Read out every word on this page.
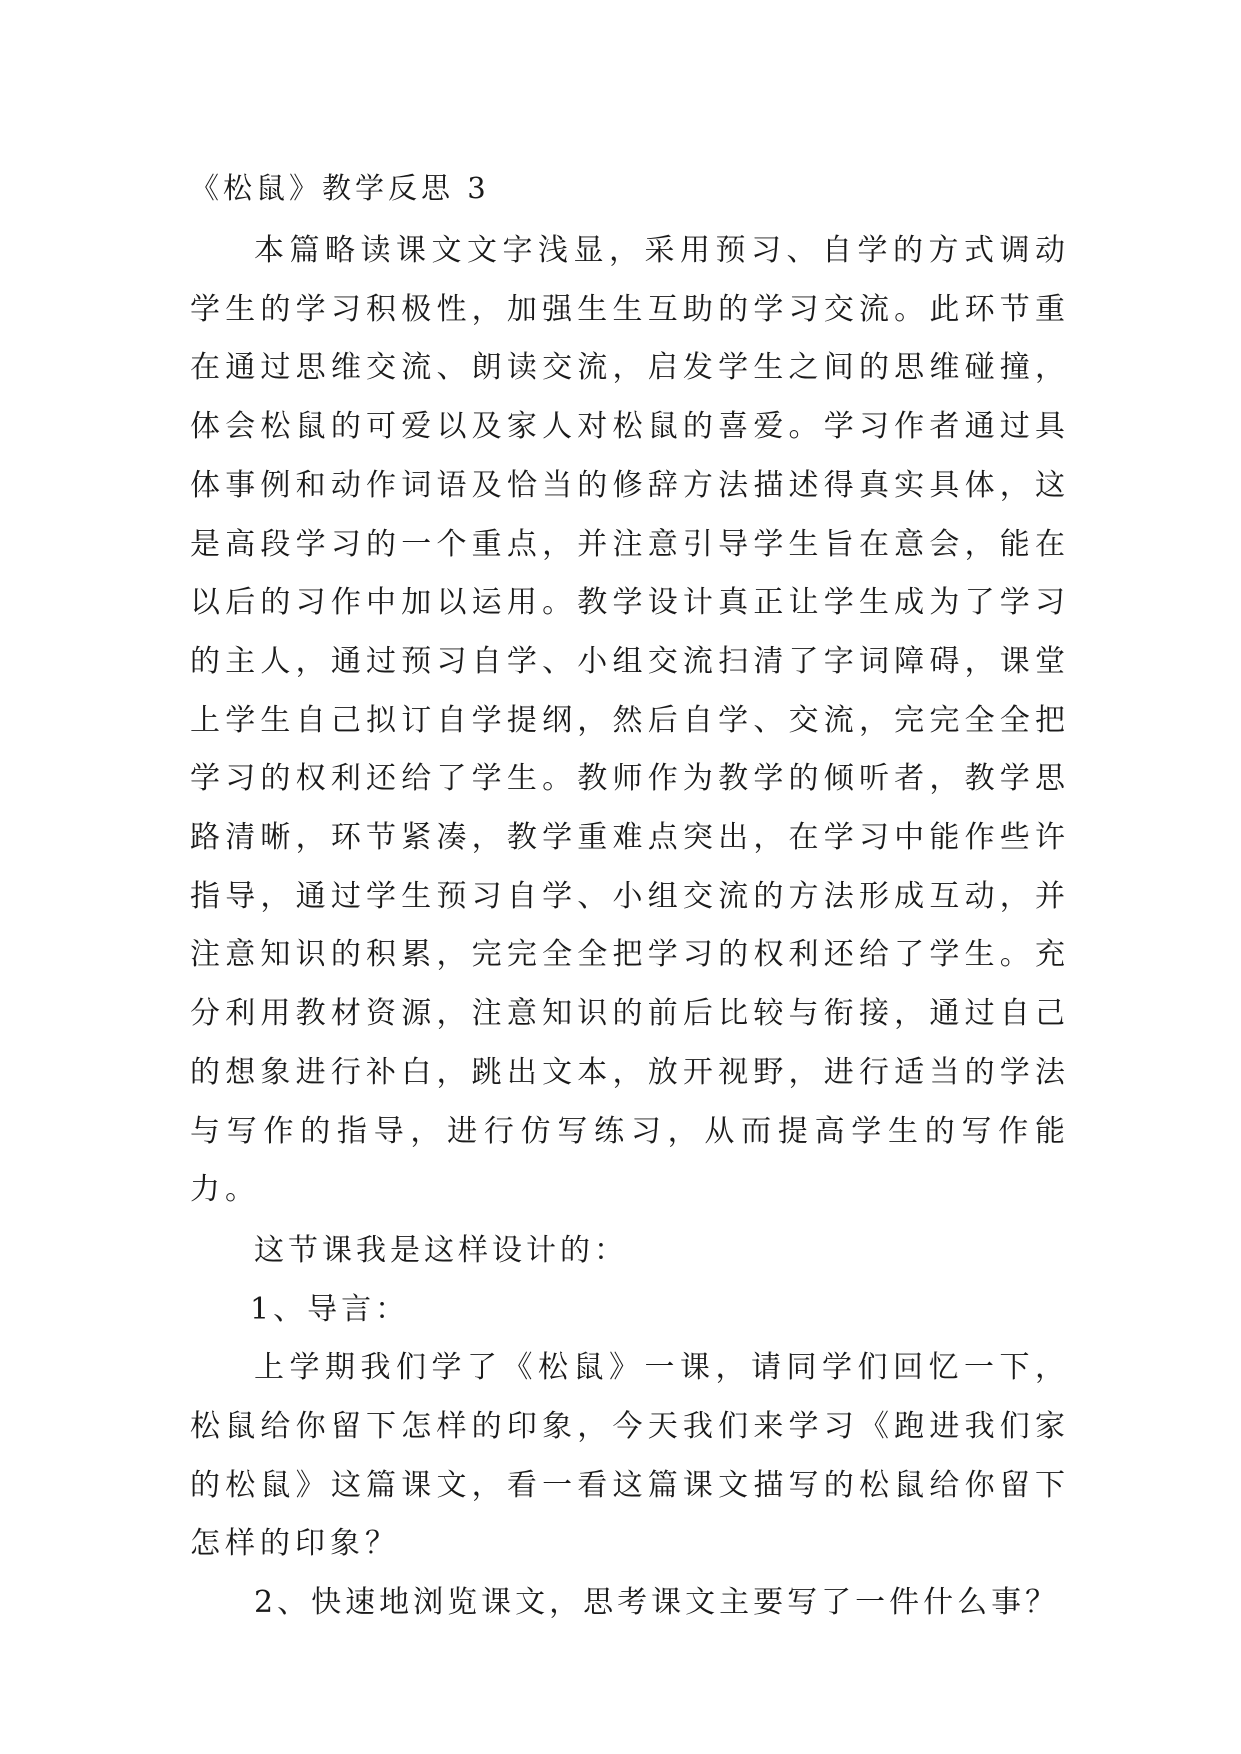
《松鼠》教学反思 3

本篇略读课文文字浅显，采用预习、自学的方式调动学生的学习积极性，加强生生互助的学习交流。此环节重在通过思维交流、朗读交流，启发学生之间的思维碰撞，体会松鼠的可爱以及家人对松鼠的喜爱。学习作者通过具体事例和动作词语及恰当的修辞方法描述得真实具体，这是高段学习的一个重点，并注意引导学生旨在意会，能在以后的习作中加以运用。教学设计真正让学生成为了学习的主人，通过预习自学、小组交流扫清了字词障碍，课堂上学生自己拟订自学提纲，然后自学、交流，完完全全把学习的权利还给了学生。教师作为教学的倾听者，教学思路清晰，环节紧凑，教学重难点突出，在学习中能作些许指导，通过学生预习自学、小组交流的方法形成互动，并注意知识的积累，完完全全把学习的权利还给了学生。充分利用教材资源，注意知识的前后比较与衔接，通过自己的想象进行补白，跳出文本，放开视野，进行适当的学法与写作的指导，进行仿写练习，从而提高学生的写作能力。

这节课我是这样设计的：

1、导言：

上学期我们学了《松鼠》一课，请同学们回忆一下，松鼠给你留下怎样的印象，今天我们来学习《跑进我们家的松鼠》这篇课文，看一看这篇课文描写的松鼠给你留下怎样的印象？

2、快速地浏览课文，思考课文主要写了一件什么事？
